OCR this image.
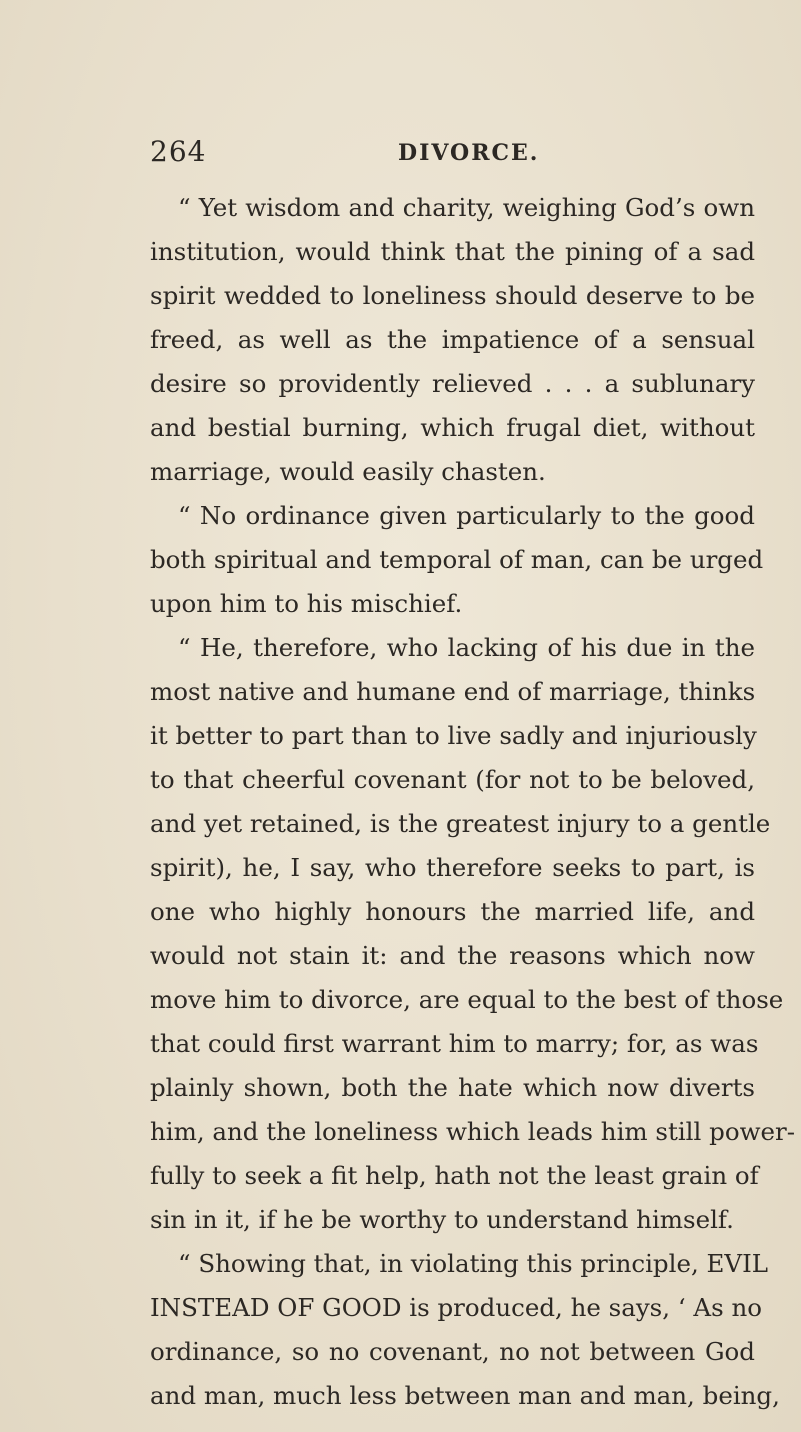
264	DIVORCE.
“ Yet wisdom and charity, weighing God’s own
institution, would think that the pining of a sad
spirit wedded to loneliness should deserve to be
freed, as well as the impatience of a sensual
desire so providently relieved . . . a sublunary
and bestial burning, which frugal diet, without
marriage, would easily chasten.
“ No ordinance given particularly to the good
both spiritual and temporal of man, can be urged
upon him to his mischief.
“ He, therefore, who lacking of his due in the
most native and humane end of marriage, thinks
it better to part than to live sadly and injuriously
to that cheerful covenant (for not to be beloved,
and yet retained, is the greatest injury to a gentle
spirit), he, I say, who therefore seeks to part, is
one who highly honours the married life, and
would not stain it: and the reasons which now
move him to divorce, are equal to the best of those
that could first warrant him to marry; for, as was
plainly shown, both the hate which now diverts
him, and the loneliness which leads him still power-
fully to seek a fit help, hath not the least grain of
sin in it, if he be worthy to understand himself.
“ Showing that, in violating this principle, EVIL
INSTEAD OF GOOD is produced, he says, ‘ As no
ordinance, so no covenant, no not between God
and man, much less between man and man, being,
